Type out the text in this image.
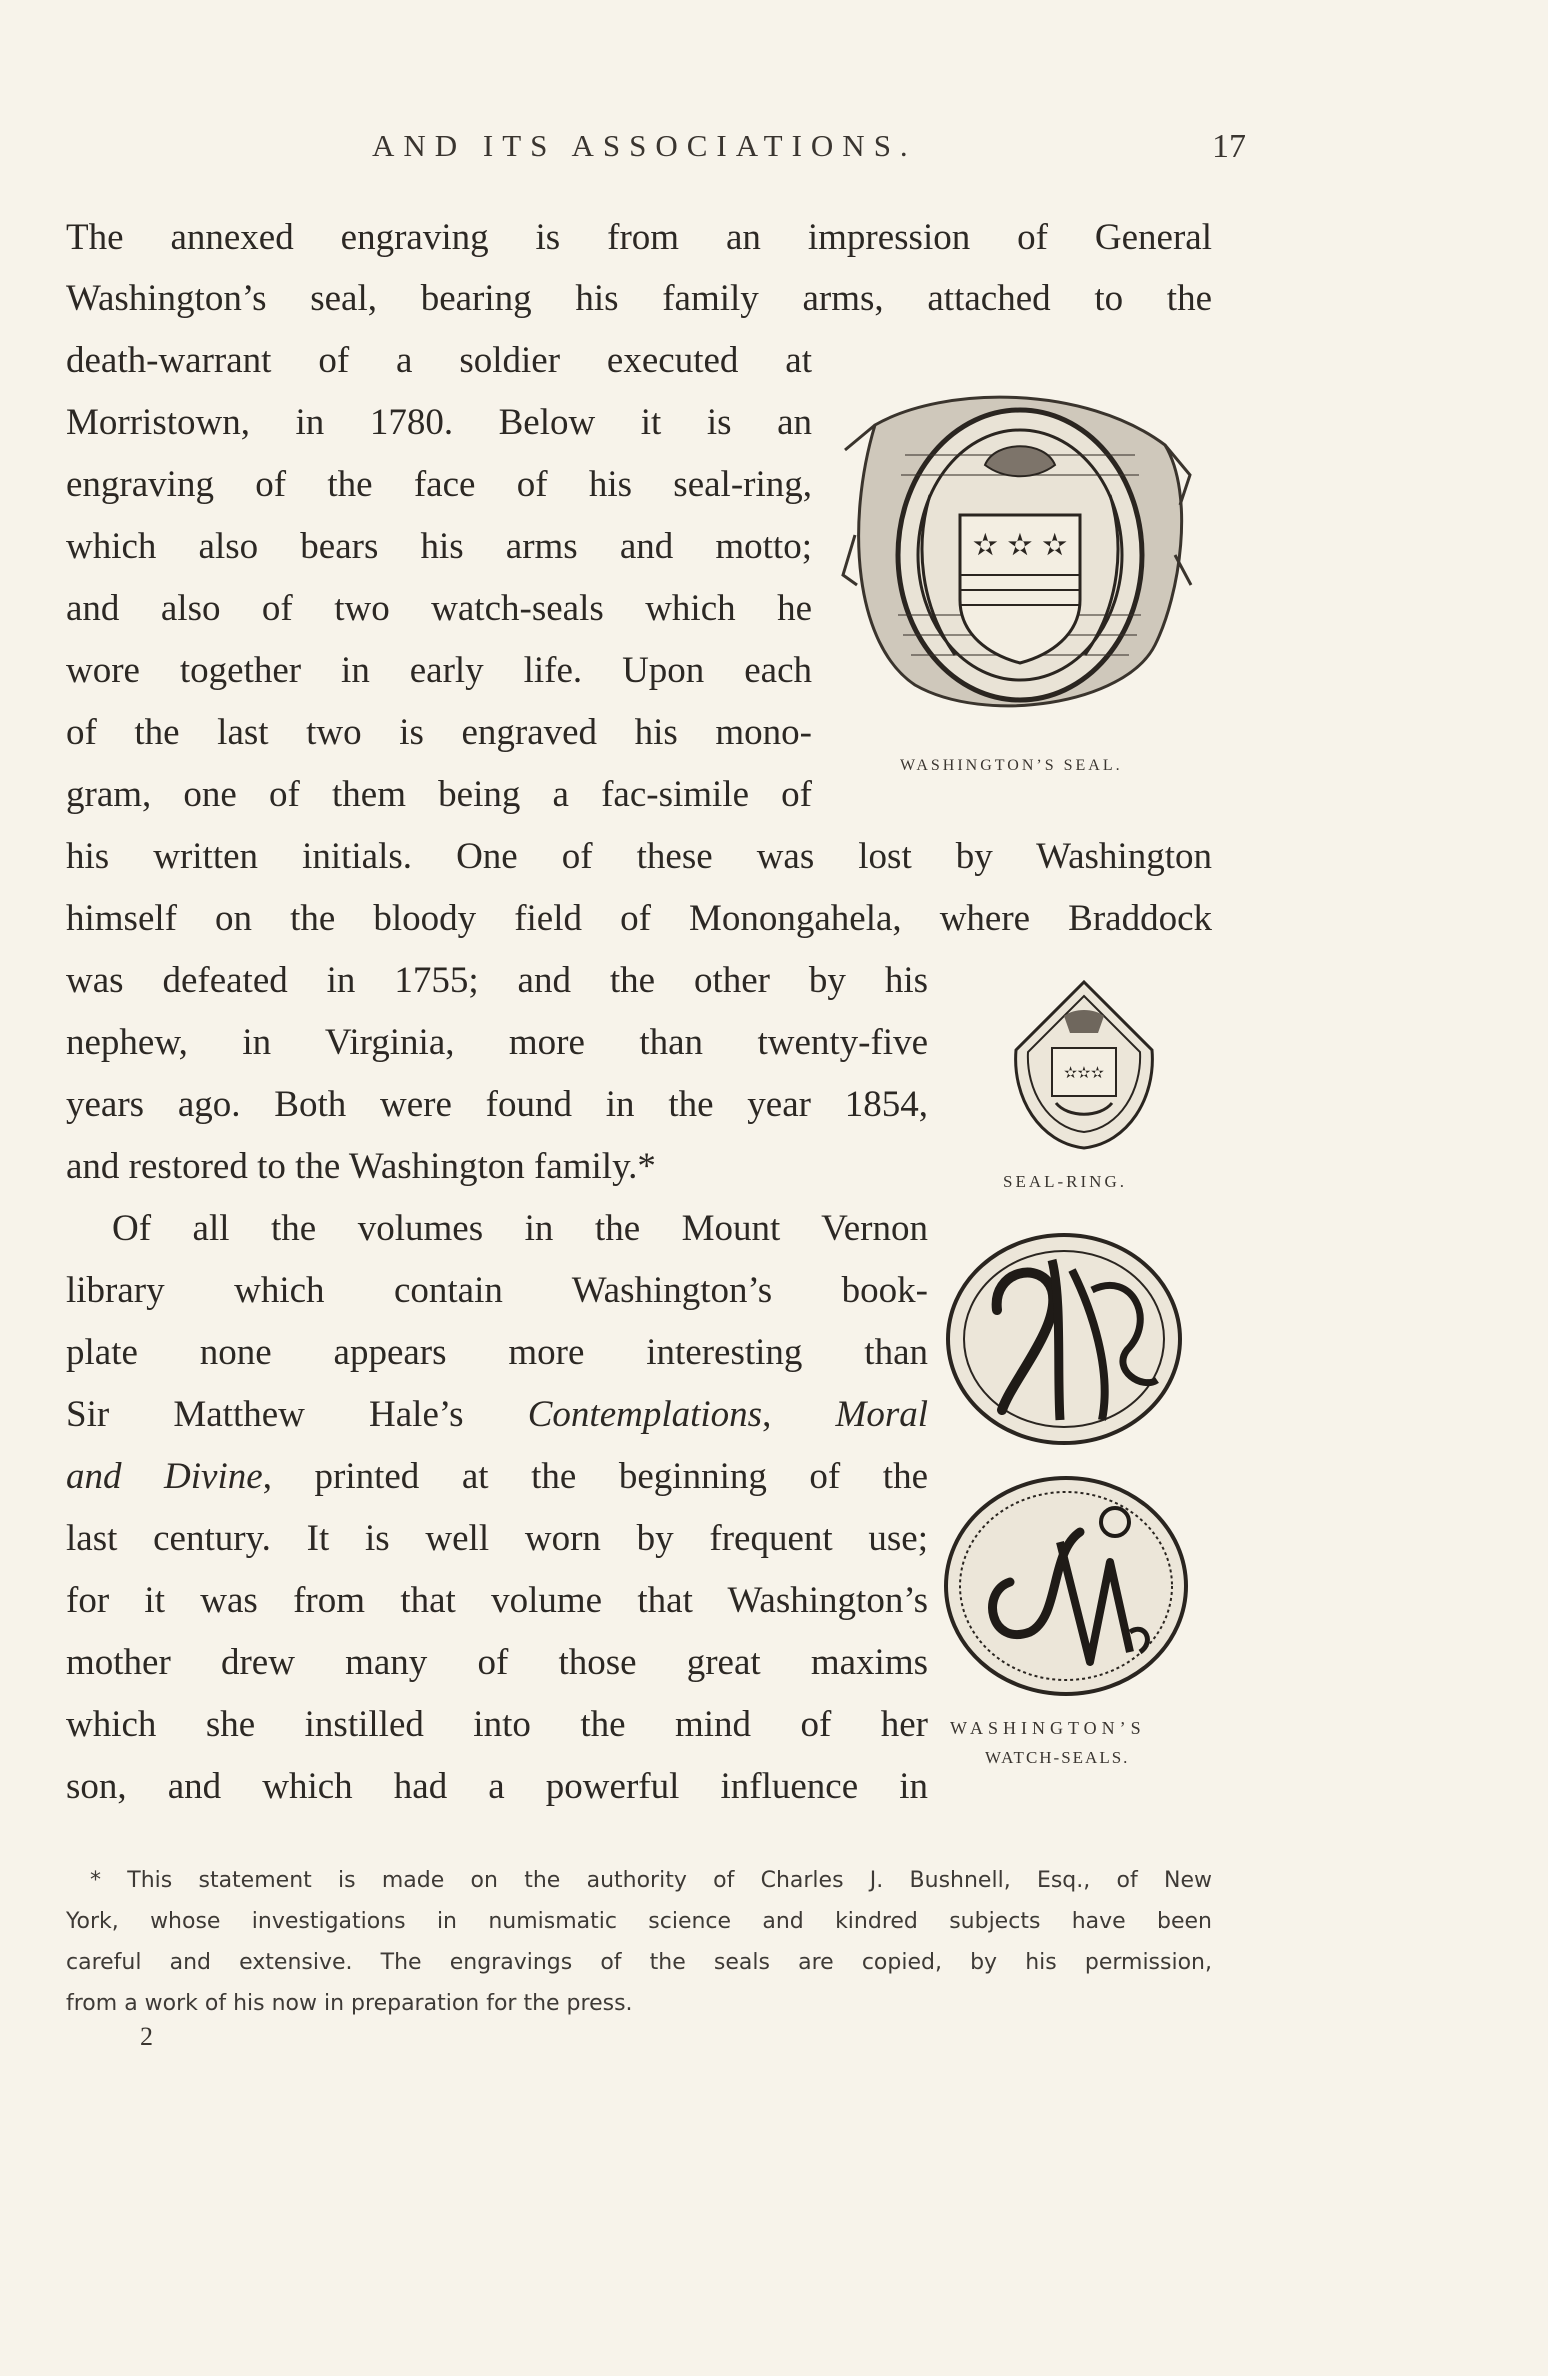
AND ITS ASSOCIATIONS.	17
The annexed engraving is from an impression of General
Washington’s seal, bearing his family arms, attached to the
death-warrant of a soldier executed at
Morristown, in 1780. Below it is an
engraving of the face of his seal-ring,
which also bears his arms and motto;
and also of two watch-seals which he
wore together in early life. Upon each
of the last two is engraved his mono-
gram, one of them being a fac-simile of
his written initials. One of these was lost by Washington
himself on the bloody field of Monongahela, where Braddock
was defeated in 1755; and the other by his
nephew, in Virginia, more than twenty-five
years ago. Both were found in the year 1854,
and restored to the Washington family.*
Of all the volumes in the Mount Vernon
library which contain Washington’s book-
plate none appears more interesting than
Sir Matthew Hale’s Contemplations, Moral
and Divine, printed at the beginning of the
last century. It is well worn by frequent use;
for it was from that volume that Washington’s
mother drew many of those great maxims
which she instilled into the mind of her
son, and which had a powerful influence in
✫ ✫ ✫
WASHINGTON’S SEAL.
✫✫✫
SEAL-RING.
WASHINGTON’S
WATCH-SEALS.
* This statement is made on the authority of Charles J. Bushnell, Esq., of New
York, whose investigations in numismatic science and kindred subjects have been
careful and extensive. The engravings of the seals are copied, by his permission,
from a work of his now in preparation for the press.
2
